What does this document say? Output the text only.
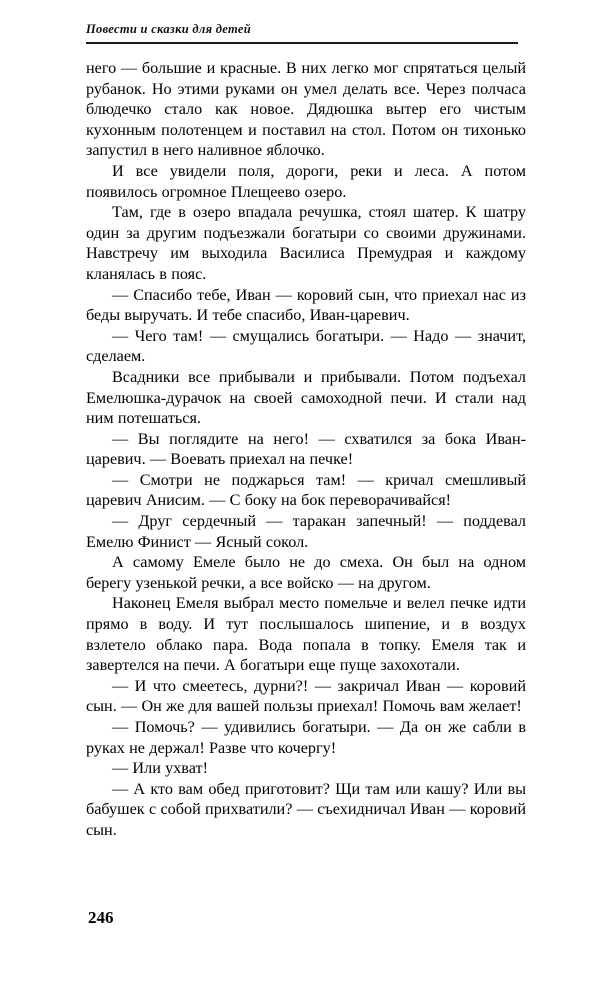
Повести и сказки для детей

него — большие и красные. В них легко мог спрятаться целый рубанок. Но этими руками он умел делать все. Через полчаса блюдечко стало как новое. Дядюшка вытер его чистым кухонным полотенцем и поставил на стол. Потом он тихонько запустил в него наливное яблочко.

И все увидели поля, дороги, реки и леса. А потом появилось огромное Плещеево озеро.

Там, где в озеро впадала речушка, стоял шатер. К шатру один за другим подъезжали богатыри со своими дружинами. Навстречу им выходила Василиса Премудрая и каждому кланялась в пояс.

— Спасибо тебе, Иван — коровий сын, что приехал нас из беды выручать. И тебе спасибо, Иван-царевич.

— Чего там! — смущались богатыри. — Надо — значит, сделаем.

Всадники все прибывали и прибывали. Потом подъехал Емелюшка-дурачок на своей самоходной печи. И стали над ним потешаться.

— Вы поглядите на него! — схватился за бока Иван-царевич. — Воевать приехал на печке!

— Смотри не поджарься там! — кричал смешливый царевич Анисим. — С боку на бок переворачивайся!

— Друг сердечный — таракан запечный! — поддевал Емелю Финист — Ясный сокол.

А самому Емеле было не до смеха. Он был на одном берегу узенькой речки, а все войско — на другом.

Наконец Емеля выбрал место помельче и велел печке идти прямо в воду. И тут послышалось шипение, и в воздух взлетело облако пара. Вода попала в топку. Емеля так и завертелся на печи. А богатыри еще пуще захохотали.

— И что смеетесь, дурни?! — закричал Иван — коровий сын. — Он же для вашей пользы приехал! Помочь вам желает!

— Помочь? — удивились богатыри. — Да он же сабли в руках не держал! Разве что кочергу!

— Или ухват!

— А кто вам обед приготовит? Щи там или кашу? Или вы бабушек с собой прихватили? — съехидничал Иван — коровий сын.

246
